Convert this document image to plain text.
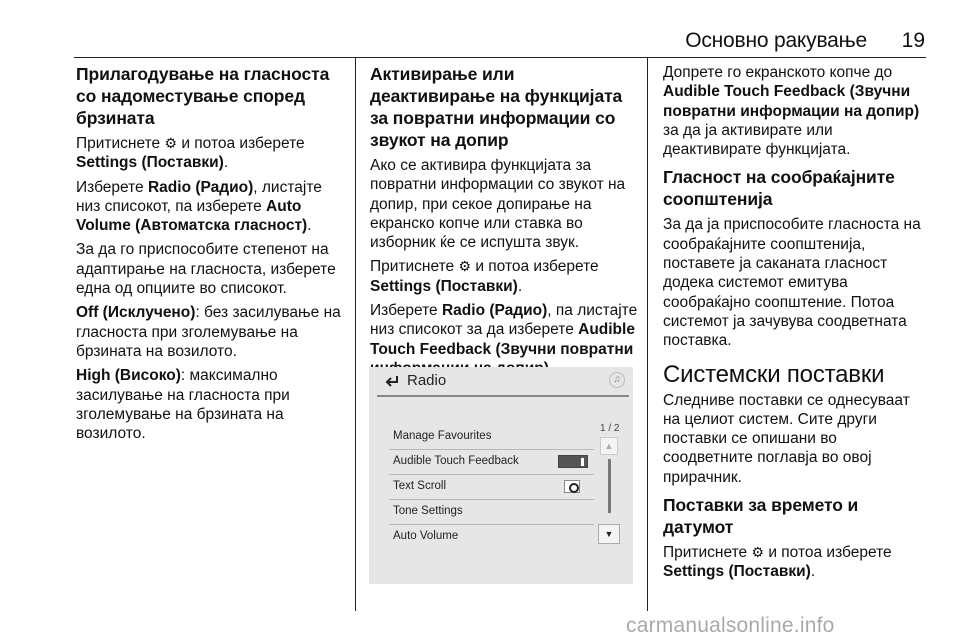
Основно ракување	19
Прилагодување на гласноста со надоместување според брзината

Притиснете ⚙ и потоа изберете Settings (Поставки).

Изберете Radio (Радио), листајте низ списокот, па изберете Auto Volume (Автоматска гласност).

За да го приспособите степенот на адаптирање на гласноста, изберете една од опциите во списокот.

Off (Исклучено): без засилување на гласноста при зголемување на брзината на возилото.

High (Високо): максимално засилување на гласноста при зголемување на брзината на возилото.

Активирање или деактивирање на функцијата за повратни информации со звукот на допир

Ако се активира функцијата за повратни информации со звукот на допир, при секое допирање на екранско копче или ставка во изборник ќе се испушта звук.

Притиснете ⚙ и потоа изберете Settings (Поставки).

Изберете Radio (Радио), па листајте низ списокот за да изберете Audible Touch Feedback (Звучни повратни

Radio	♫
1 / 2
Manage Favourites
Audible Touch Feedback
Text Scroll
Tone Settings
Auto Volume
▲
▼

Допрете го екранското копче до Audible Touch Feedback (Звучни повратни информации на допир) за да ја активирате или деактивирате функцијата.

Гласност на сообраќајните соопштенија

За да ја приспособите гласноста на сообраќајните соопштенија, поставете ја саканата гласност додека системот емитува сообраќајно соопштение. Потоа системот ја зачувува соодветната поставка.

Системски поставки

Следниве поставки се однесуваат на целиот систем. Сите други поставки се опишани во соодветните поглавја во овој прирачник.

Поставки за времето и датумот

Притиснете ⚙ и потоа изберете Settings (Поставки).

carmanualsonline.info
